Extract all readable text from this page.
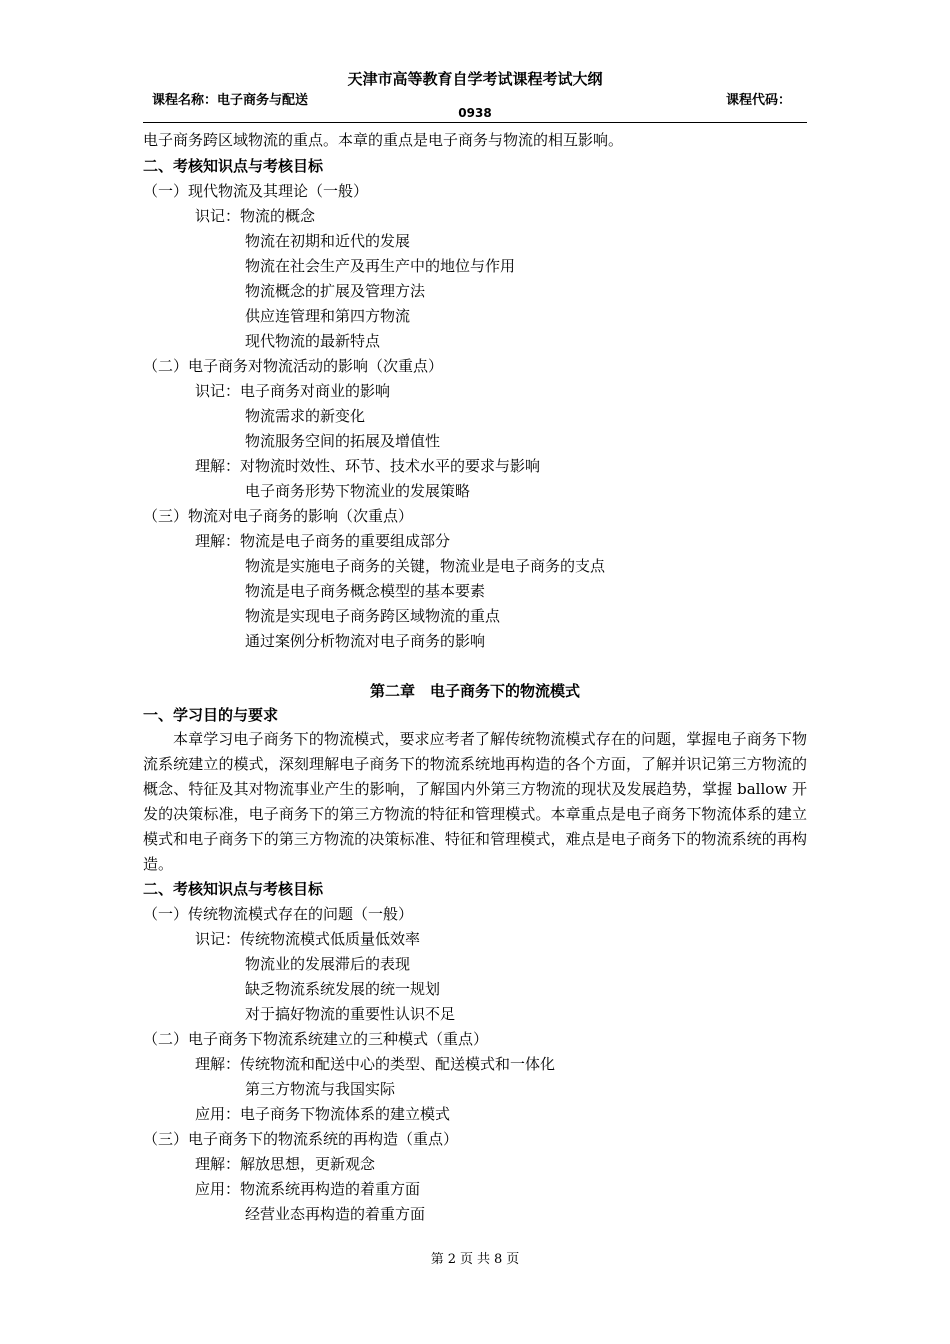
天津市高等教育自学考试课程考试大纲
课程名称：电子商务与配送	课程代码：
0938
电子商务跨区域物流的重点。本章的重点是电子商务与物流的相互影响。
二、考核知识点与考核目标
（一）现代物流及其理论（一般）
识记：物流的概念
物流在初期和近代的发展
物流在社会生产及再生产中的地位与作用
物流概念的扩展及管理方法
供应连管理和第四方物流
现代物流的最新特点
（二）电子商务对物流活动的影响（次重点）
识记：电子商务对商业的影响
物流需求的新变化
物流服务空间的拓展及增值性
理解：对物流时效性、环节、技术水平的要求与影响
电子商务形势下物流业的发展策略
（三）物流对电子商务的影响（次重点）
理解：物流是电子商务的重要组成部分
物流是实施电子商务的关键，物流业是电子商务的支点
物流是电子商务概念模型的基本要素
物流是实现电子商务跨区域物流的重点
通过案例分析物流对电子商务的影响
第二章　电子商务下的物流模式
一、学习目的与要求

本章学习电子商务下的物流模式，要求应考者了解传统物流模式存在的问题，掌握电子商务下物流系统建立的模式，深刻理解电子商务下的物流系统地再构造的各个方面，了解并识记第三方物流的概念、特征及其对物流事业产生的影响，了解国内外第三方物流的现状及发展趋势，掌握 ballow 开发的决策标准，电子商务下的第三方物流的特征和管理模式。本章重点是电子商务下物流体系的建立模式和电子商务下的第三方物流的决策标准、特征和管理模式，难点是电子商务下的物流系统的再构造。

二、考核知识点与考核目标
（一）传统物流模式存在的问题（一般）
识记：传统物流模式低质量低效率
物流业的发展滞后的表现
缺乏物流系统发展的统一规划
对于搞好物流的重要性认识不足
（二）电子商务下物流系统建立的三种模式（重点）
理解：传统物流和配送中心的类型、配送模式和一体化
第三方物流与我国实际
应用：电子商务下物流体系的建立模式
（三）电子商务下的物流系统的再构造（重点）
理解：解放思想，更新观念
应用：物流系统再构造的着重方面
经营业态再构造的着重方面
第 2 页 共 8 页
